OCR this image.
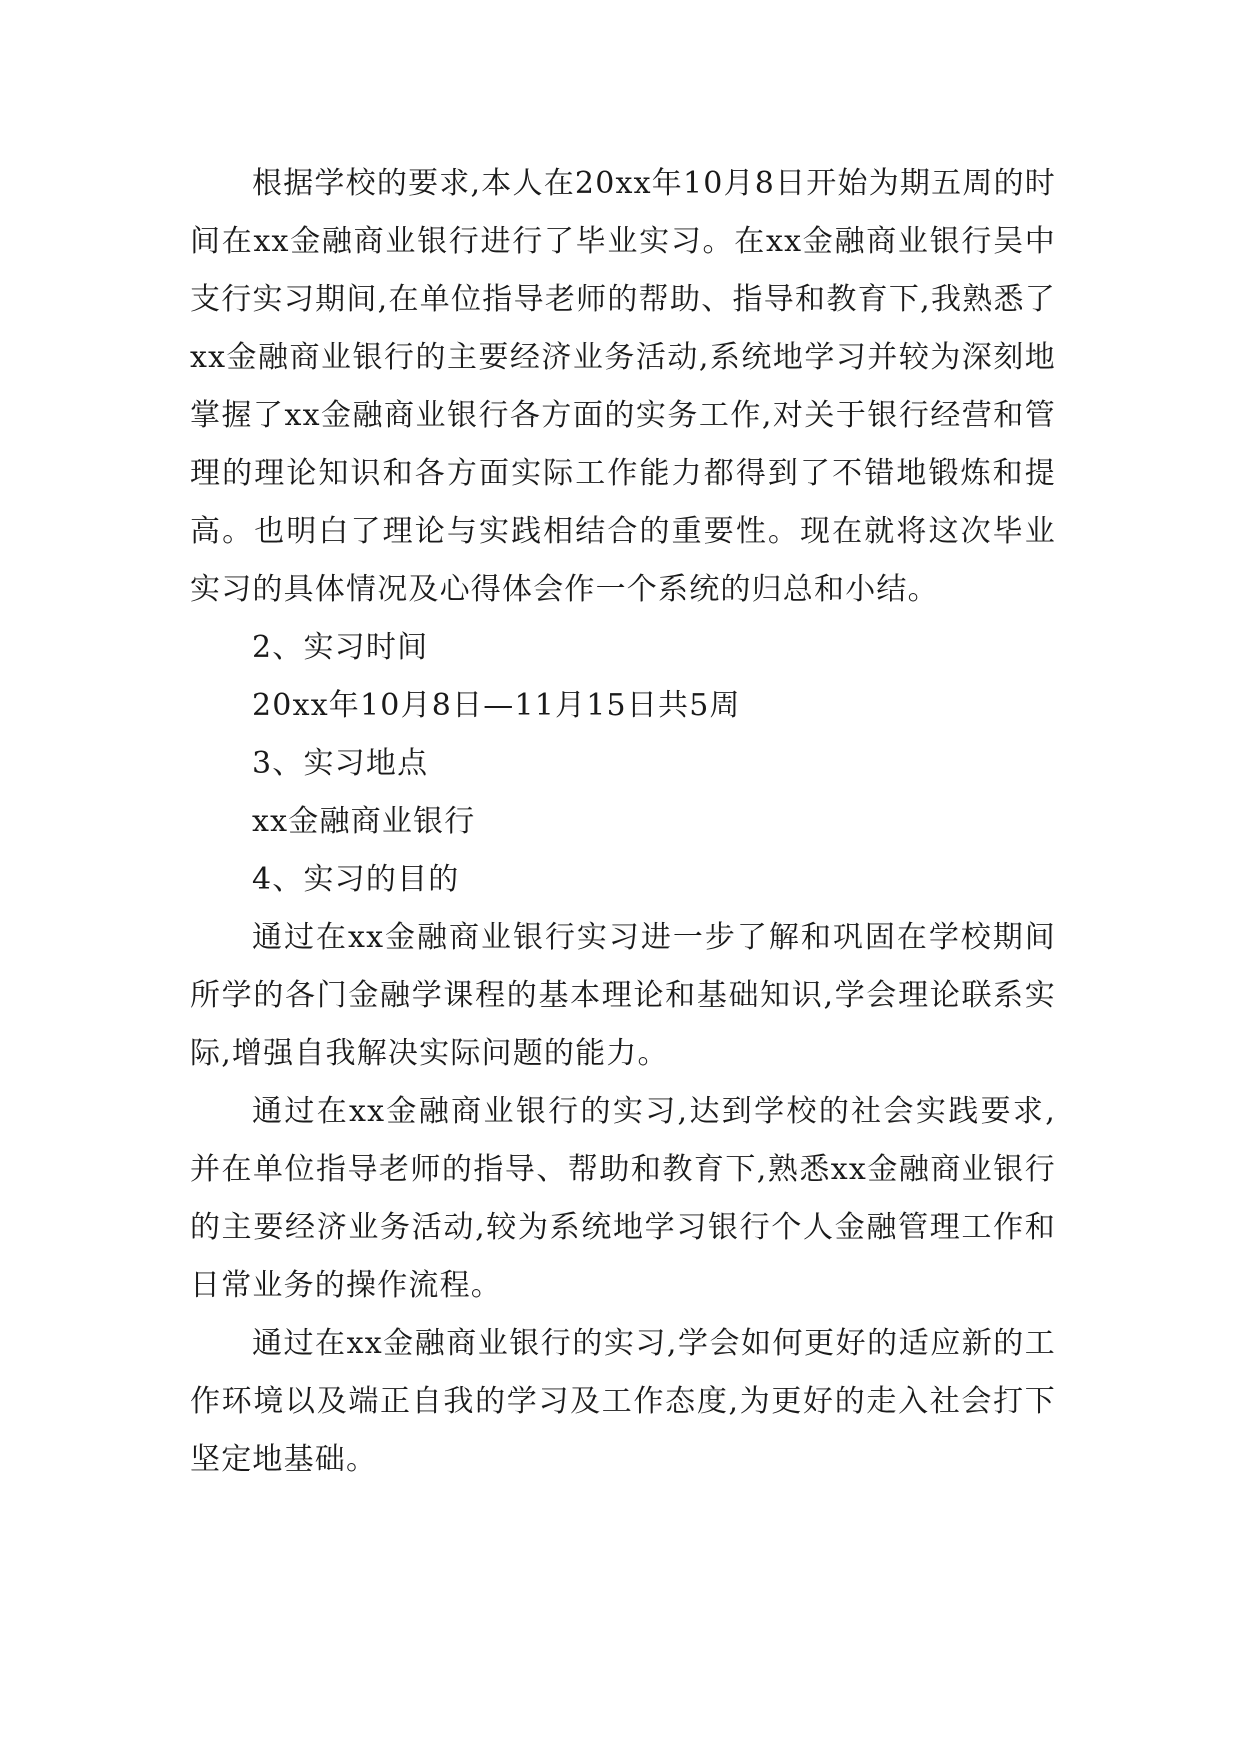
根据学校的要求,本人在20xx年10月8日开始为期五周的时间在xx金融商业银行进行了毕业实习。在xx金融商业银行吴中支行实习期间,在单位指导老师的帮助、指导和教育下,我熟悉了xx金融商业银行的主要经济业务活动,系统地学习并较为深刻地掌握了xx金融商业银行各方面的实务工作,对关于银行经营和管理的理论知识和各方面实际工作能力都得到了不错地锻炼和提高。也明白了理论与实践相结合的重要性。现在就将这次毕业实习的具体情况及心得体会作一个系统的归总和小结。

2、实习时间

20xx年10月8日—11月15日共5周

3、实习地点

xx金融商业银行

4、实习的目的

通过在xx金融商业银行实习进一步了解和巩固在学校期间所学的各门金融学课程的基本理论和基础知识,学会理论联系实际,增强自我解决实际问题的能力。

通过在xx金融商业银行的实习,达到学校的社会实践要求,并在单位指导老师的指导、帮助和教育下,熟悉xx金融商业银行的主要经济业务活动,较为系统地学习银行个人金融管理工作和日常业务的操作流程。

通过在xx金融商业银行的实习,学会如何更好的适应新的工作环境以及端正自我的学习及工作态度,为更好的走入社会打下坚定地基础。
